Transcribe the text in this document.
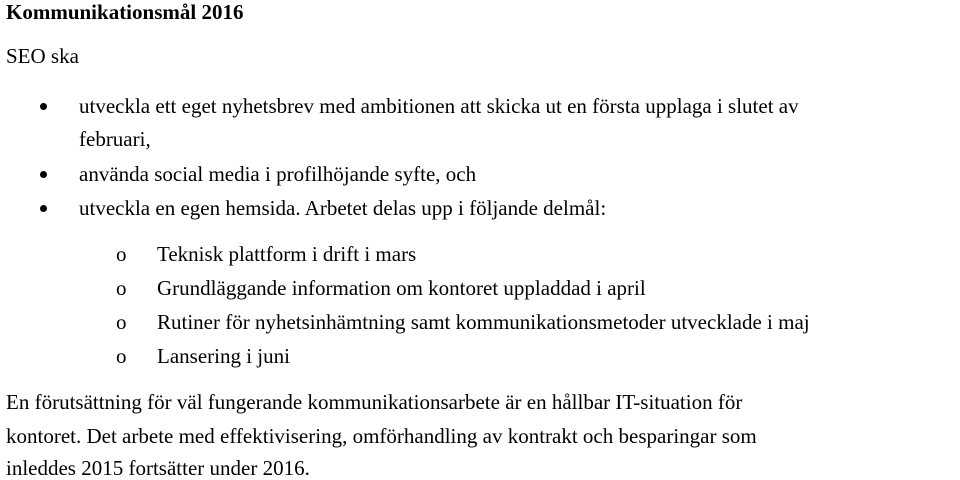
Kommunikationsmål 2016
SEO ska
utveckla ett eget nyhetsbrev med ambitionen att skicka ut en första upplaga i slutet av
februari,
använda social media i profilhöjande syfte, och
utveckla en egen hemsida. Arbetet delas upp i följande delmål:
o Teknisk plattform i drift i mars
o Grundläggande information om kontoret uppladdad i april
o Rutiner för nyhetsinhämtning samt kommunikationsmetoder utvecklade i maj
o Lansering i juni
En förutsättning för väl fungerande kommunikationsarbete är en hållbar IT-situation för
kontoret. Det arbete med effektivisering, omförhandling av kontrakt och besparingar som
inleddes 2015 fortsätter under 2016.
